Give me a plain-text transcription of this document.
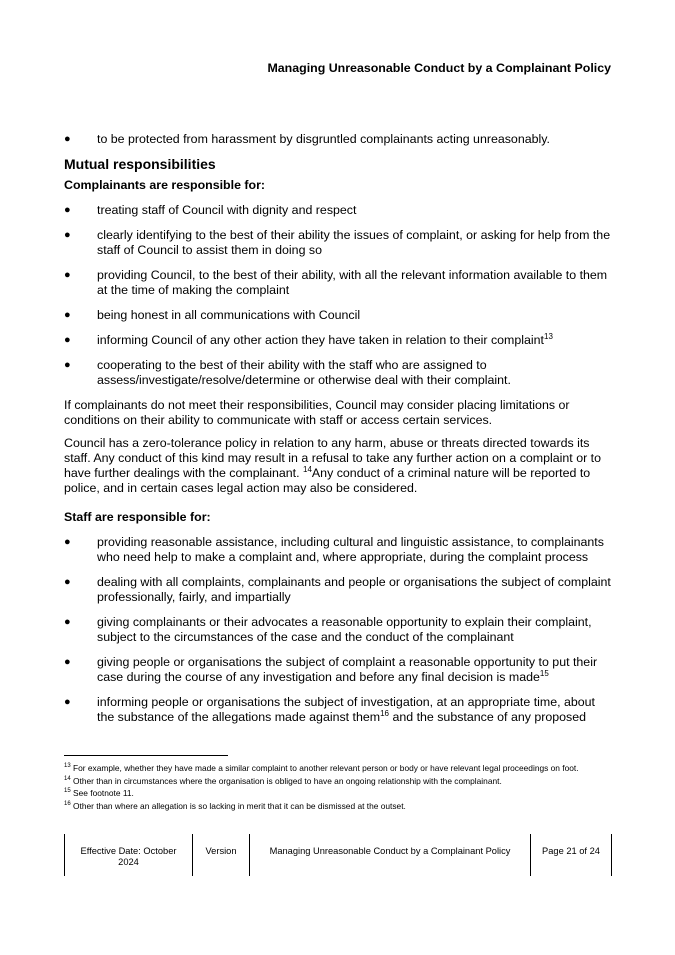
Managing Unreasonable Conduct by a Complainant Policy
● to be protected from harassment by disgruntled complainants acting unreasonably.
Mutual responsibilities
Complainants are responsible for:
● treating staff of Council with dignity and respect
● clearly identifying to the best of their ability the issues of complaint, or asking for help from the staff of Council to assist them in doing so
● providing Council, to the best of their ability, with all the relevant information available to them at the time of making the complaint
● being honest in all communications with Council
● informing Council of any other action they have taken in relation to their complaint$^{13}$
● cooperating to the best of their ability with the staff who are assigned to assess/investigate/resolve/determine or otherwise deal with their complaint.

If complainants do not meet their responsibilities, Council may consider placing limitations or conditions on their ability to communicate with staff or access certain services.

Council has a zero-tolerance policy in relation to any harm, abuse or threats directed towards its staff. Any conduct of this kind may result in a refusal to take any further action on a complaint or to have further dealings with the complainant. $^{14}$Any conduct of a criminal nature will be reported to police, and in certain cases legal action may also be considered.

Staff are responsible for:
● providing reasonable assistance, including cultural and linguistic assistance, to complainants who need help to make a complaint and, where appropriate, during the complaint process
● dealing with all complaints, complainants and people or organisations the subject of complaint professionally, fairly, and impartially
● giving complainants or their advocates a reasonable opportunity to explain their complaint, subject to the circumstances of the case and the conduct of the complainant
● giving people or organisations the subject of complaint a reasonable opportunity to put their case during the course of any investigation and before any final decision is made$^{15}$
● informing people or organisations the subject of investigation, at an appropriate time, about the substance of the allegations made against them$^{16}$ and the substance of any proposed
$^{13}$ For example, whether they have made a similar complaint to another relevant person or body or have relevant legal proceedings on foot.
$^{14}$ Other than in circumstances where the organisation is obliged to have an ongoing relationship with the complainant.
$^{15}$ See footnote 11.
$^{16}$ Other than where an allegation is so lacking in merit that it can be dismissed at the outset.
Effective Date: October
2024
Version	Managing Unreasonable Conduct by a Complainant Policy	Page 21 of 24
